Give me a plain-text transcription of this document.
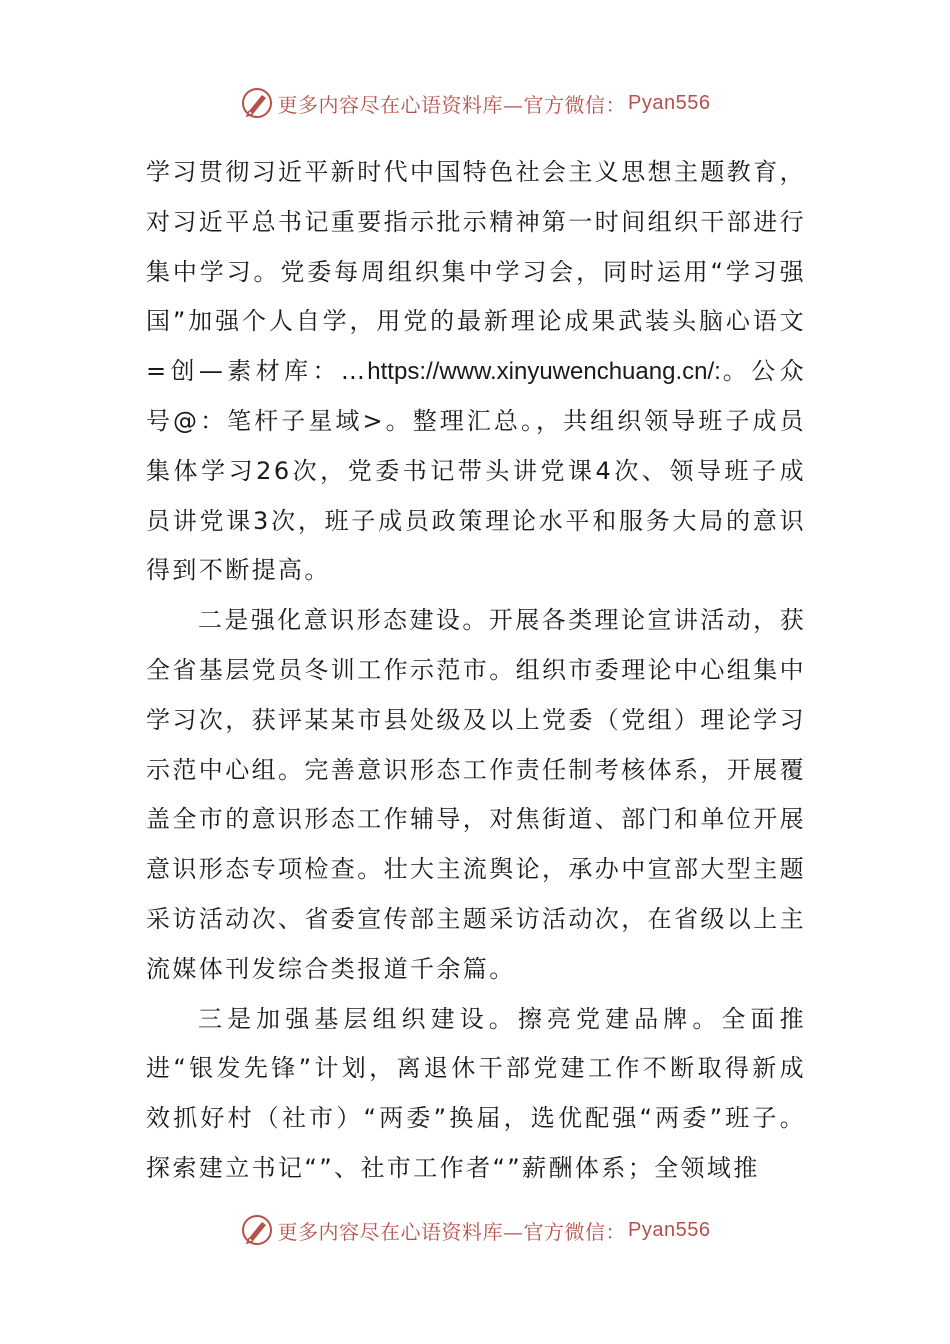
更多内容尽在心语资料库—官方微信： Pyan556

学习贯彻习近平新时代中国特色社会主义思想主题教育，对习近平总书记重要指示批示精神第一时间组织干部进行集中学习。党委每周组织集中学习会，同时运用“学习强国”加强个人自学，用党的最新理论成果武装头脑心语文=创—素材库：…https://www.xinyuwenchuang.cn/:。公众号@：笔杆子星域>。整理汇总。，共组织领导班子成员集体学习26次，党委书记带头讲党课4次、领导班子成员讲党课3次，班子成员政策理论水平和服务大局的意识得到不断提高。

二是强化意识形态建设。开展各类理论宣讲活动，获全省基层党员冬训工作示范市。组织市委理论中心组集中学习次，获评某某市县处级及以上党委（党组）理论学习示范中心组。完善意识形态工作责任制考核体系，开展覆盖全市的意识形态工作辅导，对焦街道、部门和单位开展意识形态专项检查。壮大主流舆论，承办中宣部大型主题采访活动次、省委宣传部主题采访活动次，在省级以上主流媒体刊发综合类报道千余篇。

三是加强基层组织建设。擦亮党建品牌。全面推进“银发先锋”计划，离退休干部党建工作不断取得新成效抓好村（社市）“两委”换届，选优配强“两委”班子。探索建立书记“”、社市工作者“”薪酬体系；全领域推

更多内容尽在心语资料库—官方微信： Pyan556
